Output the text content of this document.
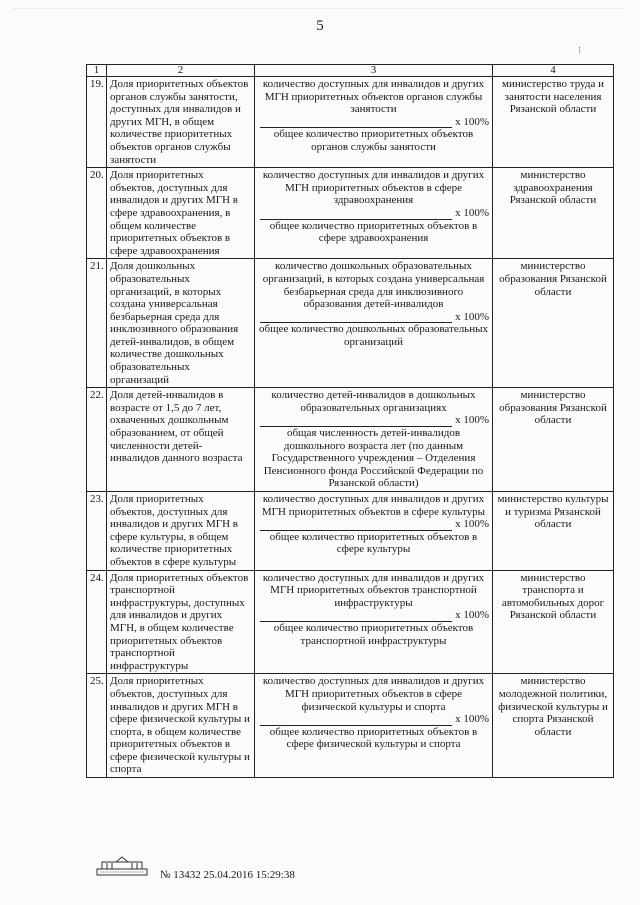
5
⁝
1	2	3	4
19.	Доля приоритетных объектов органов службы занятости, доступных для инвалидов и других МГН, в общем количестве приоритетных объектов органов службы занятости	количество доступных для инвалидов и других МГН приоритетных объектов органов службы занятости
x 100%
общее количество приоритетных объектов органов службы занятости	министерство труда и занятости населения Рязанской области
20.	Доля приоритетных объектов, доступных для инвалидов и других МГН в сфере здравоохранения, в общем количестве приоритетных объектов в сфере здравоохранения	количество доступных для инвалидов и других МГН приоритетных объектов в сфере здравоохранения
x 100%
общее количество приоритетных объектов в сфере здравоохранения	министерство здравоохранения Рязанской области
21.	Доля дошкольных образовательных организаций, в которых создана универсальная безбарьерная среда для инклюзивного образования детей-инвалидов, в общем количестве дошкольных образовательных организаций	количество дошкольных образовательных организаций, в которых создана универсальная безбарьерная среда для инклюзивного образования детей-инвалидов
x 100%
общее количество дошкольных образовательных организаций	министерство образования Рязанской области
22.	Доля детей-инвалидов в возрасте от 1,5 до 7 лет, охваченных дошкольным образованием, от общей численности детей-инвалидов данного возраста	количество детей-инвалидов в дошкольных образовательных организациях
x 100%
общая численность детей-инвалидов дошкольного возраста лет (по данным Государственного учреждения – Отделения Пенсионного фонда Российской Федерации по Рязанской области)	министерство образования Рязанской области
23.	Доля приоритетных объектов, доступных для инвалидов и других МГН в сфере культуры, в общем количестве приоритетных объектов в сфере культуры	количество доступных для инвалидов и других МГН приоритетных объектов в сфере культуры
x 100%
общее количество приоритетных объектов в сфере культуры	министерство культуры и туризма Рязанской области
24.	Доля приоритетных объектов транспортной инфраструктуры, доступных для инвалидов и других МГН, в общем количестве приоритетных объектов транспортной инфраструктуры	количество доступных для инвалидов и других МГН приоритетных объектов транспортной инфраструктуры
x 100%
общее количество приоритетных объектов транспортной инфраструктуры	министерство транспорта и автомобильных дорог Рязанской области
25.	Доля приоритетных объектов, доступных для инвалидов и других МГН в сфере физической культуры и спорта, в общем количестве приоритетных объектов в сфере физической культуры и спорта	количество доступных для инвалидов и других МГН приоритетных объектов в сфере физической культуры и спорта
x 100%
общее количество приоритетных объектов в сфере физической культуры и спорта	министерство молодежной политики, физической культуры и спорта Рязанской области
№ 13432 25.04.2016 15:29:38
